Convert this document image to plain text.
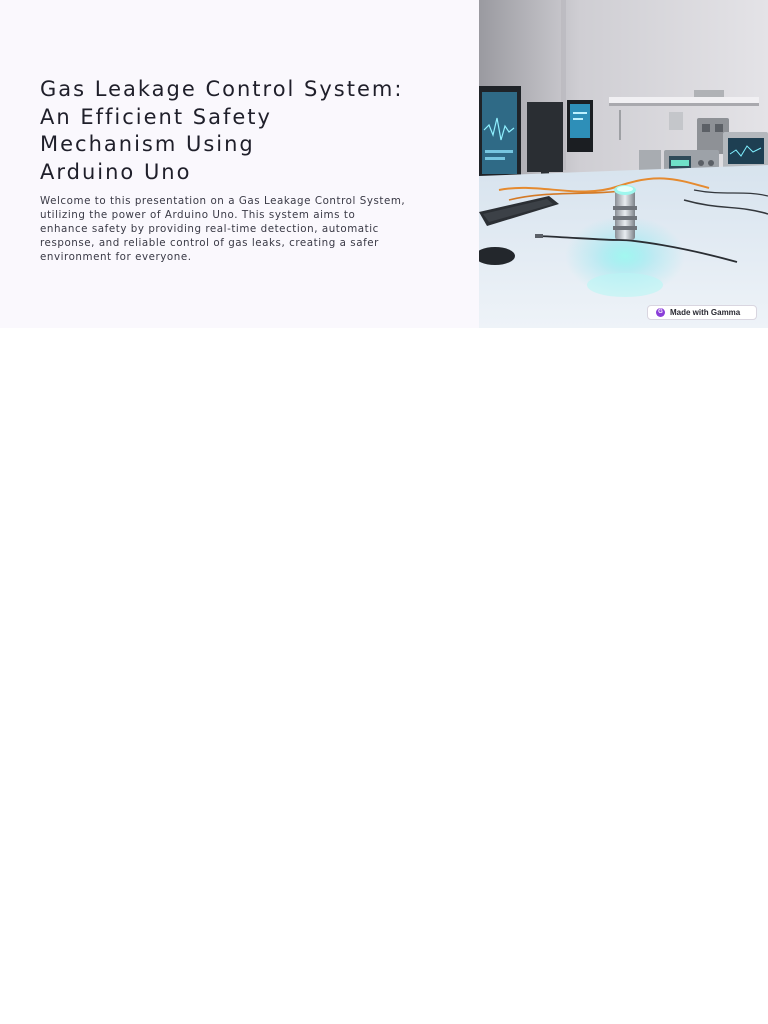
Gas Leakage Control System:
An Efficient Safety
Mechanism Using
Arduino Uno

Welcome to this presentation on a Gas Leakage Control System,
utilizing the power of Arduino Uno. This system aims to
enhance safety by providing real-time detection, automatic
response, and reliable control of gas leaks, creating a safer
environment for everyone.

G Made with Gamma
